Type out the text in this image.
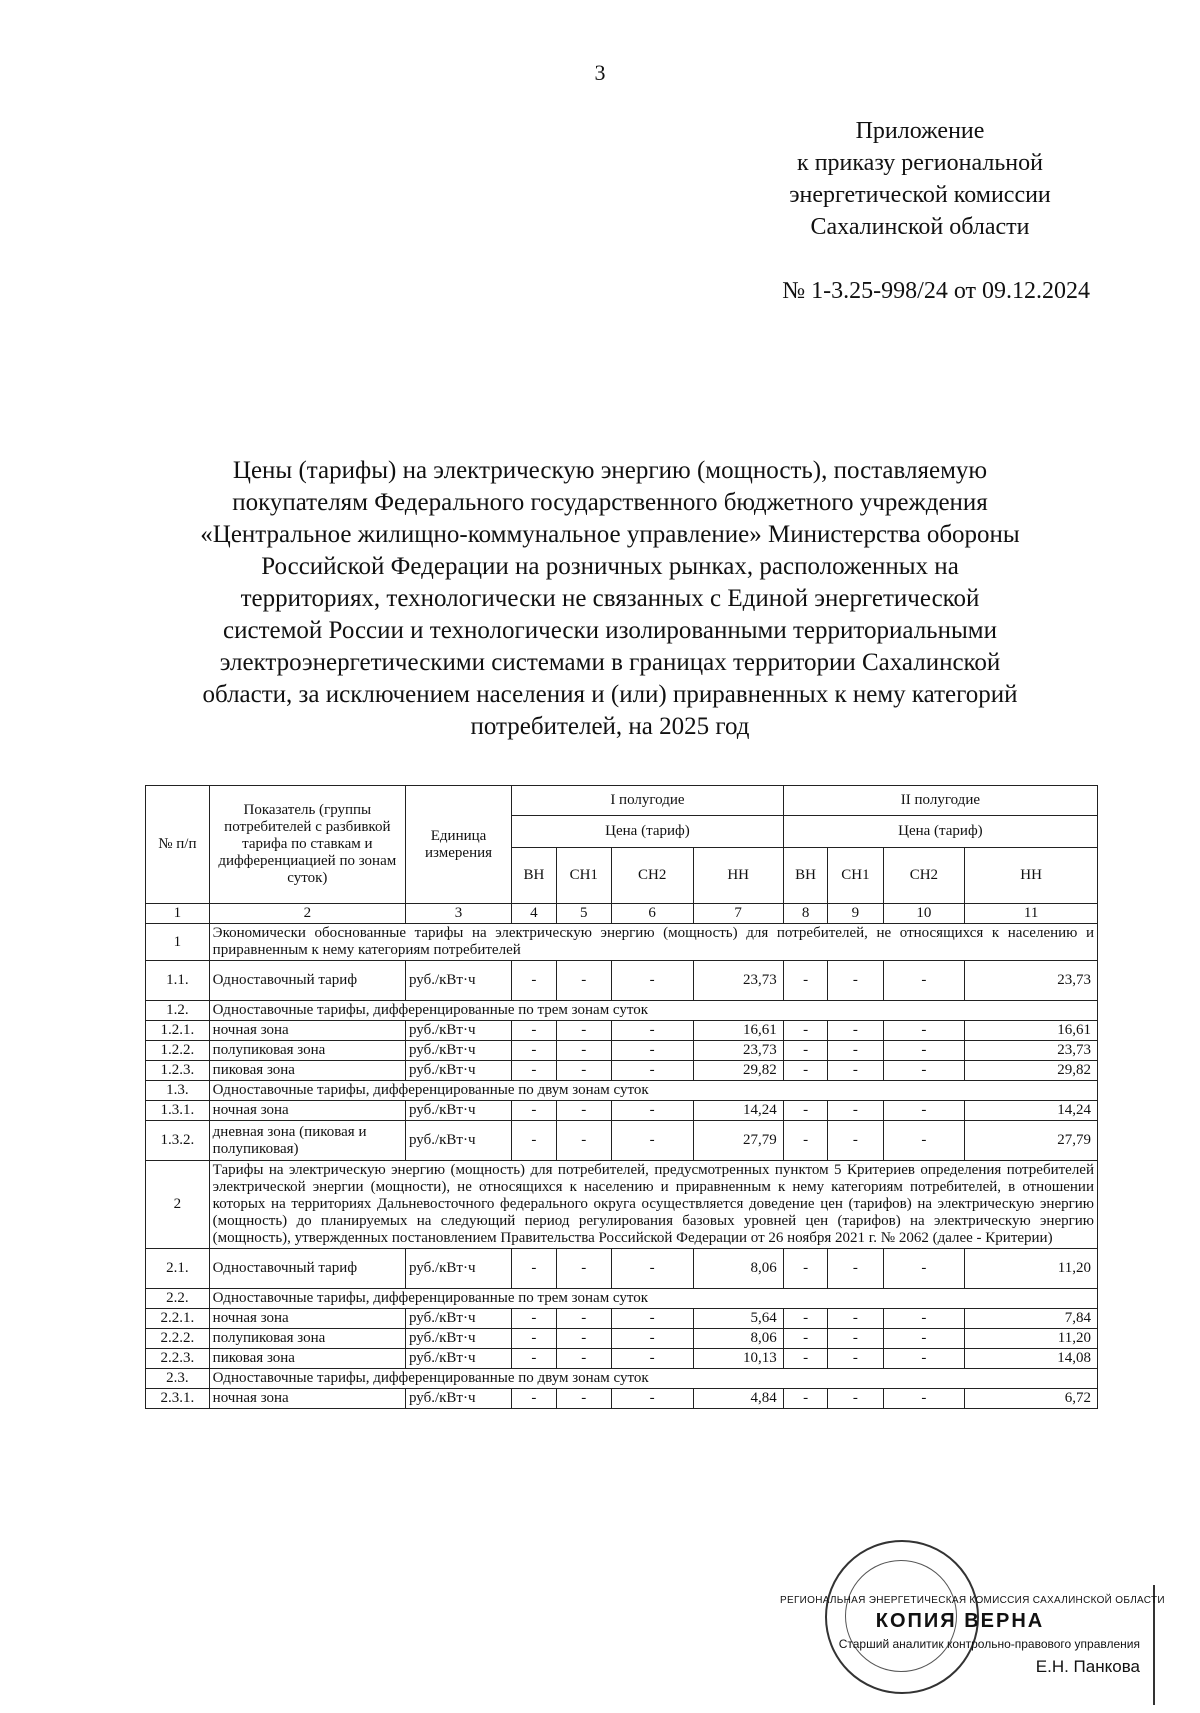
3
Приложение
к приказу региональной
энергетической комиссии
Сахалинской области
№ 1-3.25-998/24 от 09.12.2024
Цены (тарифы) на электрическую энергию (мощность), поставляемую
покупателям Федерального государственного бюджетного учреждения
«Центральное жилищно-коммунальное управление» Министерства обороны
Российской Федерации на розничных рынках, расположенных на
территориях, технологически не связанных с Единой энергетической
системой России и технологически изолированными территориальными
электроэнергетическими системами в границах территории Сахалинской
области, за исключением населения и (или) приравненных к нему категорий
потребителей, на 2025 год
№ п/п	Показатель (группы потребителей с разбивкой тарифа по ставкам и дифференциацией по зонам суток)	Единица измерения	I полугодие				II полугодие			
			Цена (тариф)				Цена (тариф)			
			ВН	СН1	СН2	НН	ВН	СН1	СН2	НН
1	2	3	4	5	6	7	8	9	10	11
1	Экономически обоснованные тарифы на электрическую энергию (мощность) для потребителей, не относящихся к населению и приравненным к нему категориям потребителей									
1.1.	Одноставочный тариф	руб./кВт·ч	-	-	-	23,73	-	-	-	23,73
1.2.	Одноставочные тарифы, дифференцированные по трем зонам суток									
1.2.1.	ночная зона	руб./кВт·ч	-	-	-	16,61	-	-	-	16,61
1.2.2.	полупиковая зона	руб./кВт·ч	-	-	-	23,73	-	-	-	23,73
1.2.3.	пиковая зона	руб./кВт·ч	-	-	-	29,82	-	-	-	29,82
1.3.	Одноставочные тарифы, дифференцированные по двум зонам суток									
1.3.1.	ночная зона	руб./кВт·ч	-	-	-	14,24	-	-	-	14,24
1.3.2.	дневная зона (пиковая и полупиковая)	руб./кВт·ч	-	-	-	27,79	-	-	-	27,79
2	Тарифы на электрическую энергию (мощность) для потребителей, предусмотренных пунктом 5 Критериев определения потребителей электрической энергии (мощности), не относящихся к населению и приравненным к нему категориям потребителей, в отношении которых на территориях Дальневосточного федерального округа осуществляется доведение цен (тарифов) на электрическую энергию (мощность) до планируемых на следующий период регулирования базовых уровней цен (тарифов) на электрическую энергию (мощность), утвержденных постановлением Правительства Российской Федерации от 26 ноября 2021 г. № 2062 (далее - Критерии)									
2.1.	Одноставочный тариф	руб./кВт·ч	-	-	-	8,06	-	-	-	11,20
2.2.	Одноставочные тарифы, дифференцированные по трем зонам суток									
2.2.1.	ночная зона	руб./кВт·ч	-	-	-	5,64	-	-	-	7,84
2.2.2.	полупиковая зона	руб./кВт·ч	-	-	-	8,06	-	-	-	11,20
2.2.3.	пиковая зона	руб./кВт·ч	-	-	-	10,13	-	-	-	14,08
2.3.	Одноставочные тарифы, дифференцированные по двум зонам суток									
2.3.1.	ночная зона	руб./кВт·ч	-	-	-	4,84	-	-	-	6,72
РЕГИОНАЛЬНАЯ ЭНЕРГЕТИЧЕСКАЯ КОМИССИЯ САХАЛИНСКОЙ ОБЛАСТИ
КОПИЯ ВЕРНА
Старший аналитик контрольно-правового управления
Е.Н. Панкова
